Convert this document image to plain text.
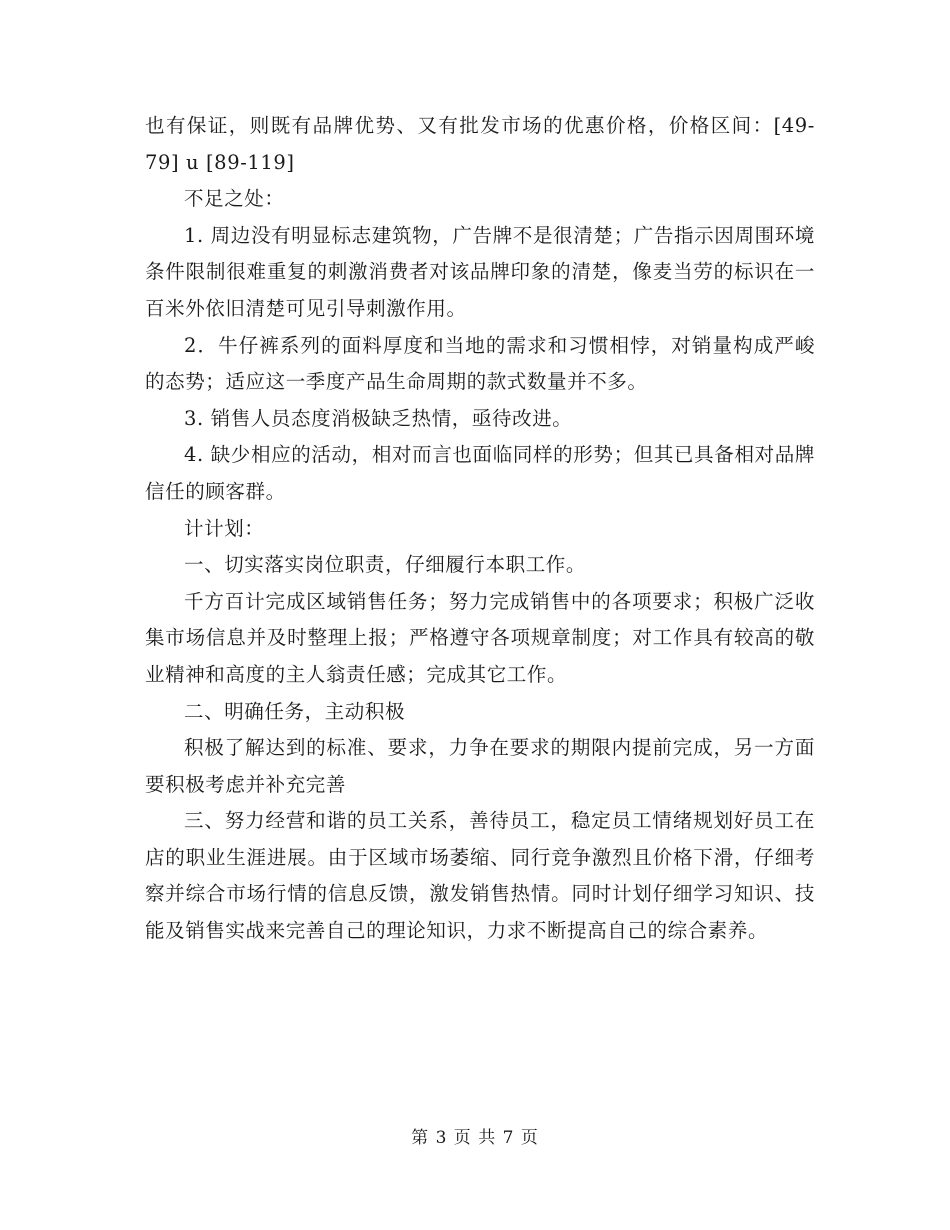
也有保证，则既有品牌优势、又有批发市场的优惠价格，价格区间：[49-79] u [89-119]

不足之处：

1. 周边没有明显标志建筑物，广告牌不是很清楚；广告指示因周围环境条件限制很难重复的刺激消费者对该品牌印象的清楚，像麦当劳的标识在一百米外依旧清楚可见引导刺激作用。

2．牛仔裤系列的面料厚度和当地的需求和习惯相悖，对销量构成严峻的态势；适应这一季度产品生命周期的款式数量并不多。

3. 销售人员态度消极缺乏热情，亟待改进。

4. 缺少相应的活动，相对而言也面临同样的形势；但其已具备相对品牌信任的顾客群。

计计划：

一、切实落实岗位职责，仔细履行本职工作。

千方百计完成区域销售任务；努力完成销售中的各项要求；积极广泛收集市场信息并及时整理上报；严格遵守各项规章制度；对工作具有较高的敬业精神和高度的主人翁责任感；完成其它工作。

二、明确任务，主动积极

积极了解达到的标准、要求，力争在要求的期限内提前完成，另一方面要积极考虑并补充完善

三、努力经营和谐的员工关系，善待员工，稳定员工情绪规划好员工在店的职业生涯进展。由于区域市场萎缩、同行竞争激烈且价格下滑，仔细考察并综合市场行情的信息反馈，激发销售热情。同时计划仔细学习知识、技能及销售实战来完善自己的理论知识，力求不断提高自己的综合素养。

第 3 页 共 7 页
